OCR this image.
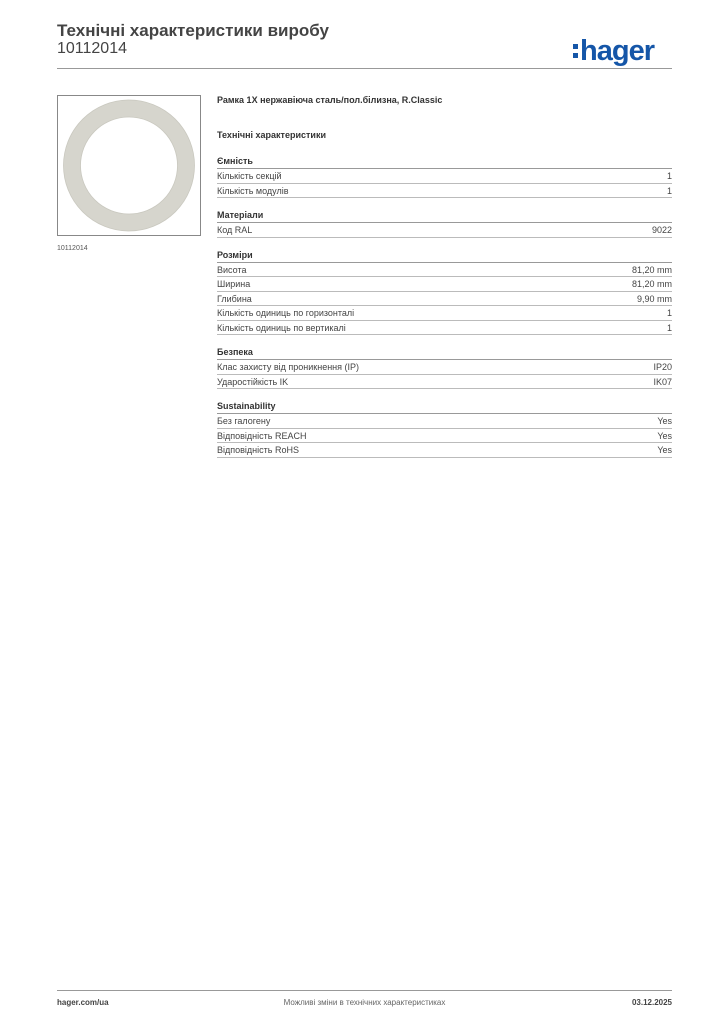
Технічні характеристики виробу
10112014	hager
10112014
Рамка 1X нержавіюча сталь/пол.білизна, R.Classic
Технічні характеристики
Ємність
Кількість секцій	1
Кількість модулів	1
Матеріали
Код RAL	9022
Розміри
Висота	81,20 mm
Ширина	81,20 mm
Глибина	9,90 mm
Кількість одиниць по горизонталі	1
Кількість одиниць по вертикалі	1
Безпека
Клас захисту від проникнення (IP)	IP20
Ударостійкість IK	IK07
Sustainability
Без галогену	Yes
Відповідність REACH	Yes
Відповідність RoHS	Yes
hager.com/ua	Можливі зміни в технічних характеристиках	03.12.2025
